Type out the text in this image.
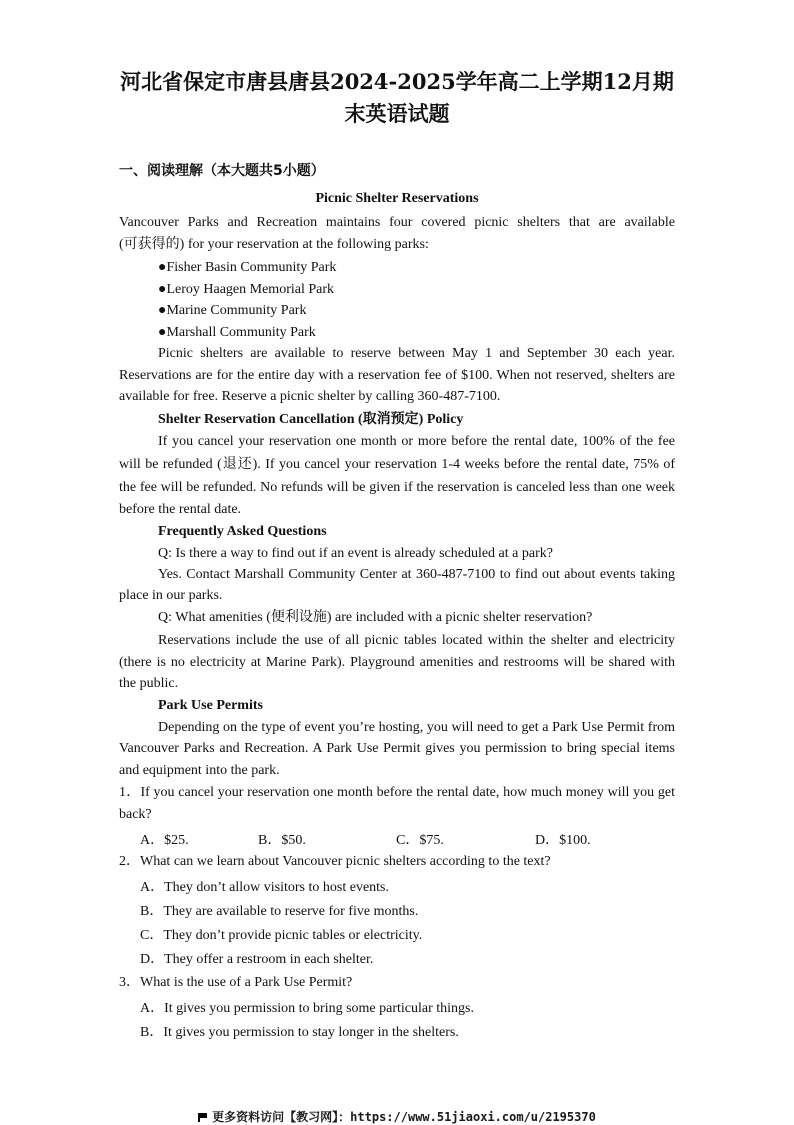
河北省保定市唐县唐县2024-2025学年高二上学期12月期
末英语试题
一、阅读理解（本大题共5小题）
Picnic Shelter Reservations
Vancouver Parks and Recreation maintains four covered picnic shelters that are available
(可获得的) for your reservation at the following parks:
●Fisher Basin Community Park
●Leroy Haagen Memorial Park
●Marine Community Park
●Marshall Community Park
Picnic shelters are available to reserve between May 1 and September 30 each year.
Reservations are for the entire day with a reservation fee of $100. When not reserved, shelters are
available for free. Reserve a picnic shelter by calling 360-487-7100.
Shelter Reservation Cancellation (取消预定) Policy
If you cancel your reservation one month or more before the rental date, 100% of the fee
will be refunded (退还). If you cancel your reservation 1-4 weeks before the rental date, 75% of
the fee will be refunded. No refunds will be given if the reservation is canceled less than one week
before the rental date.
Frequently Asked Questions
Q: Is there a way to find out if an event is already scheduled at a park?
Yes. Contact Marshall Community Center at 360-487-7100 to find out about events taking
place in our parks.
Q: What amenities (便利设施) are included with a picnic shelter reservation?
Reservations include the use of all picnic tables located within the shelter and electricity
(there is no electricity at Marine Park). Playground amenities and restrooms will be shared with
the public.
Park Use Permits
Depending on the type of event you’re hosting, you will need to get a Park Use Permit from
Vancouver Parks and Recreation. A Park Use Permit gives you permission to bring special items
and equipment into the park.
1．If you cancel your reservation one month before the rental date, how much money will you get
back?
A．$25.	B．$50.	C．$75.	D．$100.
2．What can we learn about Vancouver picnic shelters according to the text?
A．They don’t allow visitors to host events.
B．They are available to reserve for five months.
C．They don’t provide picnic tables or electricity.
D．They offer a restroom in each shelter.
3．What is the use of a Park Use Permit?
A．It gives you permission to bring some particular things.
B．It gives you permission to stay longer in the shelters.
更多资料访问【教习网】：https://www.51jiaoxi.com/u/2195370
